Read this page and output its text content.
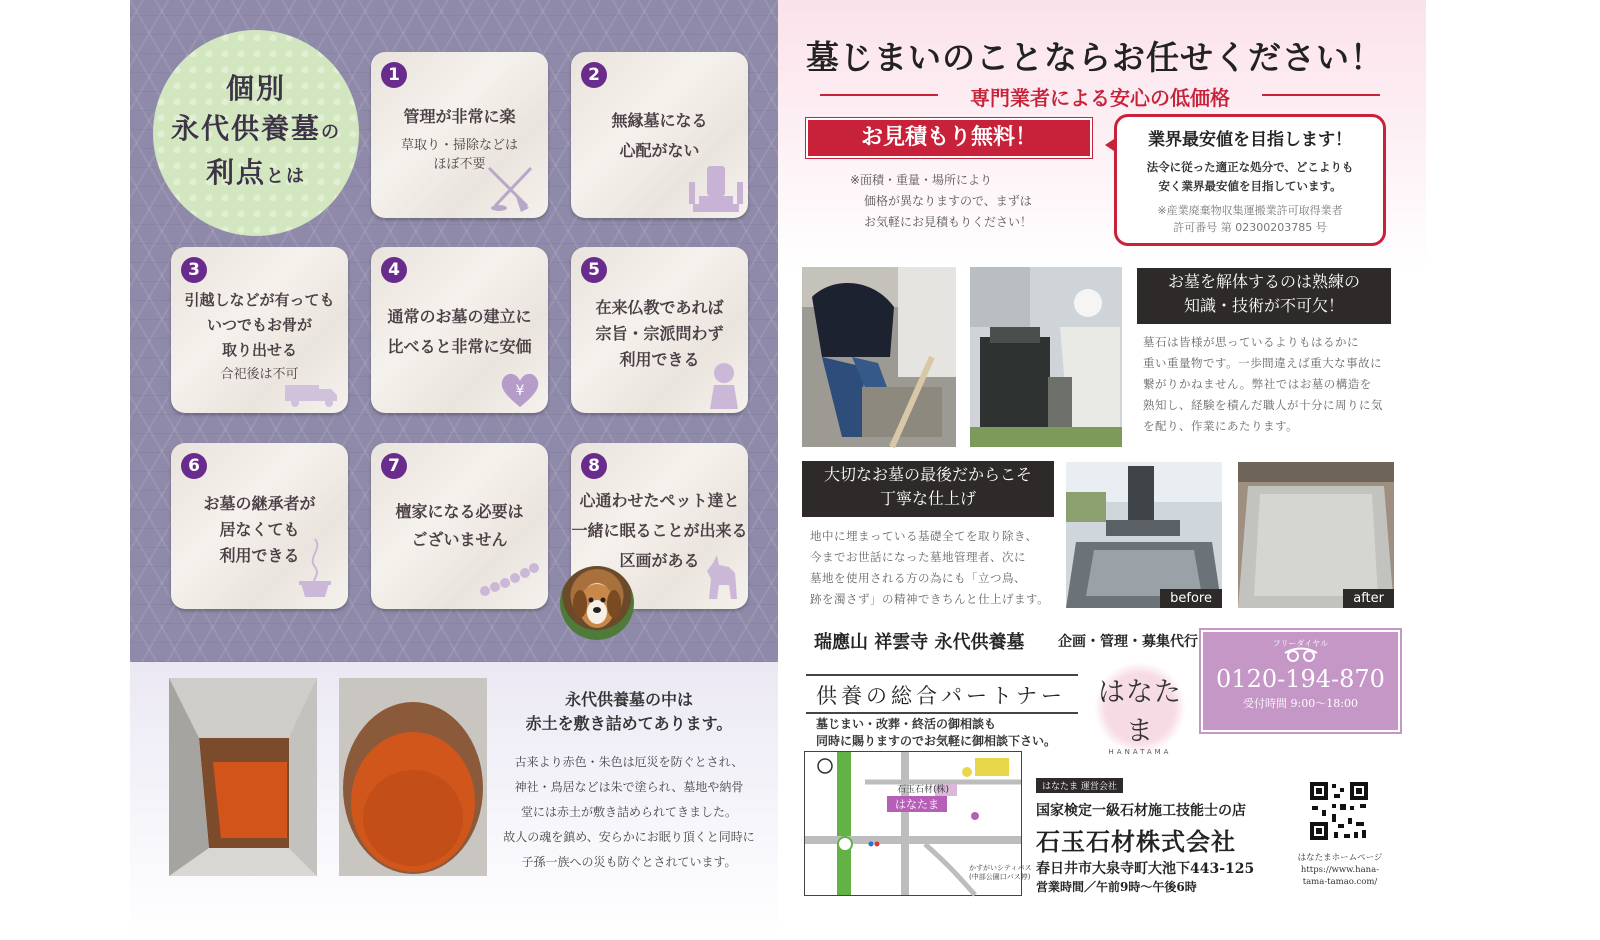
個別
永代供養墓の
利点とは
1
管理が非常に楽
草取り・掃除などは
ほぼ不要
2
無縁墓になる
心配がない
3
引越しなどが有っても
いつでもお骨が
取り出せる
合祀後は不可
4
通常のお墓の建立に
比べると非常に安価
¥
5
在来仏教であれば
宗旨・宗派問わず
利用できる
6
お墓の継承者が
居なくても
利用できる
7
檀家になる必要は
ございません
8
心通わせたペット達と
一緒に眠ることが出来る
区画がある
永代供養墓の中は
赤土を敷き詰めてあります。
古来より赤色・朱色は厄災を防ぐとされ、
神社・鳥居などは朱で塗られ、墓地や納骨
堂には赤土が敷き詰められてきました。
故人の魂を鎮め、安らかにお眠り頂くと同時に
子孫一族への災も防ぐとされています。
墓じまいのことならお任せください！
専門業者による安心の低価格
お見積もり無料！
※面積・重量・場所により
価格が異なりますので、まずは
お気軽にお見積もりください！
業界最安値を目指します！
法令に従った適正な処分で、どこよりも
安く業界最安値を目指しています。
※産業廃棄物収集運搬業許可取得業者
許可番号 第 02300203785 号
お墓を解体するのは熟練の
知識・技術が不可欠！
墓石は皆様が思っているよりもはるかに
重い重量物です。一歩間違えば重大な事故に
繋がりかねません。弊社ではお墓の構造を
熟知し、経験を積んだ職人が十分に周りに気
を配り、作業にあたります。
大切なお墓の最後だからこそ
丁寧な仕上げ
地中に埋まっている基礎全てを取り除き、
今までお世話になった墓地管理者、次に
墓地を使用される方の為にも「立つ鳥、
跡を濁さず」の精神できちんと仕上げます。	before	after
瑞應山 祥雲寺 永代供養墓 企画・管理・募集代行
供養の総合パートナー
墓じまい・改葬・終活の御相談も
同時に賜りますのでお気軽に御相談下さい。
はなたま
HANATAMA
フリーダイヤル
0120-194-870
受付時間 9:00〜18:00
石玉石材(株)
はなたま
かすがいシティバス
(中部公園口バス停)
はなたま 運営会社
国家検定一級石材施工技能士の店
石玉石材株式会社
春日井市大泉寺町大池下443-125
営業時間／午前9時～午後6時
はなたまホームページ
https://www.hana-
tama-tamao.com/
